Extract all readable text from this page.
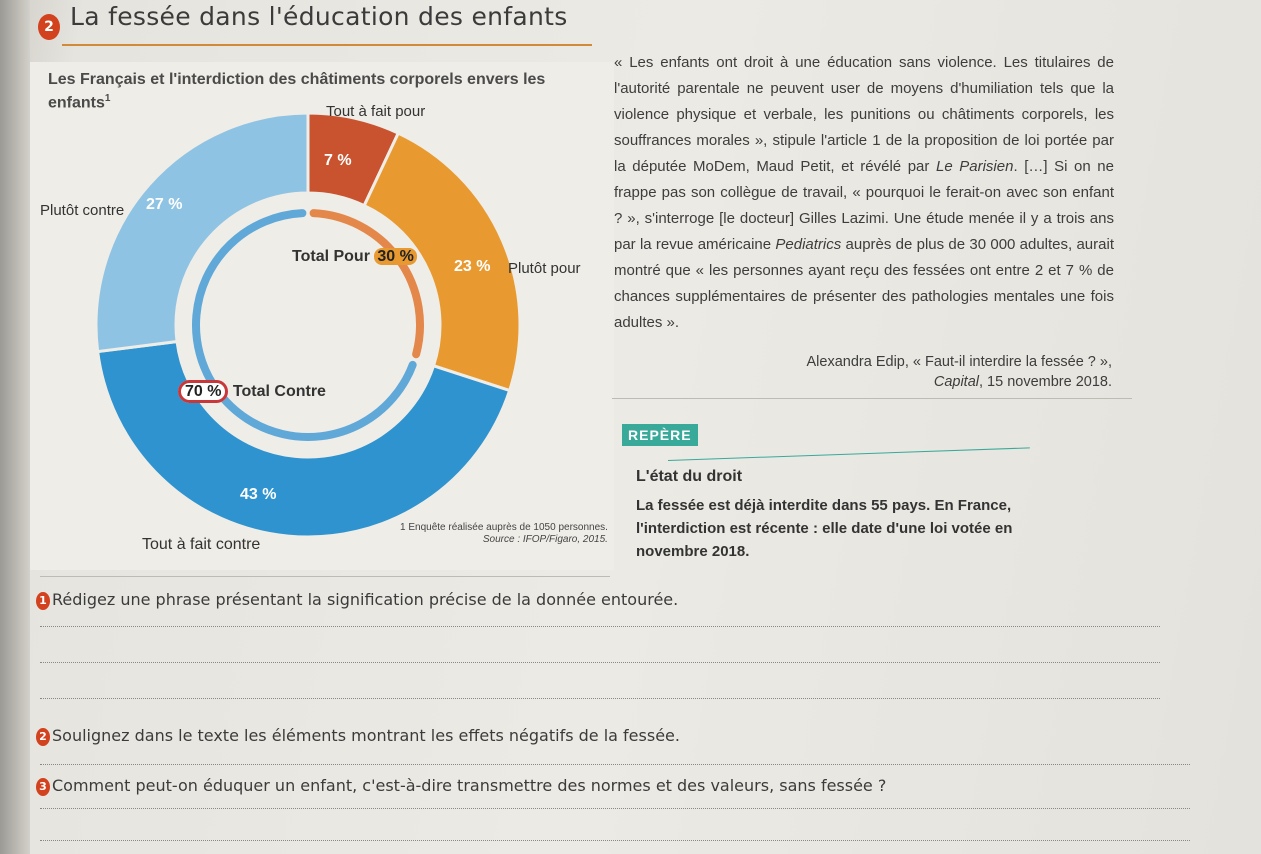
2 La fessée dans l'éducation des enfants
Les Français et l'interdiction des châtiments corporels envers les enfants$^1$
Tout à fait pour
Plutôt pour
Plutôt contre
Tout à fait contre
7 %
23 %
27 %
43 %
Total Pour 30 %
70 % Total Contre
1 Enquête réalisée auprès de 1050 personnes.
Source : IFOP/Figaro, 2015.

« Les enfants ont droit à une éducation sans violence. Les titulaires de l'autorité parentale ne peuvent user de moyens d'humiliation tels que la violence physique et verbale, les punitions ou châtiments corporels, les souffrances morales », stipule l'article 1 de la proposition de loi portée par la députée MoDem, Maud Petit, et révélé par Le Parisien. […] Si on ne frappe pas son collègue de travail, « pourquoi le ferait-on avec son enfant ? », s'interroge [le docteur] Gilles Lazimi. Une étude menée il y a trois ans par la revue américaine Pediatrics auprès de plus de 30 000 adultes, aurait montré que « les personnes ayant reçu des fessées ont entre 2 et 7 % de chances supplémentaires de présenter des pathologies mentales une fois adultes ».

Alexandra Edip, « Faut-il interdire la fessée ? »,
Capital, 15 novembre 2018.
REPÈRE
L'état du droit
La fessée est déjà interdite dans 55 pays. En France, l'interdiction est récente : elle date d'une loi votée en novembre 2018.
1 Rédigez une phrase présentant la signification précise de la donnée entourée.
2 Soulignez dans le texte les éléments montrant les effets négatifs de la fessée.
3 Comment peut-on éduquer un enfant, c'est-à-dire transmettre des normes et des valeurs, sans fessée ?
